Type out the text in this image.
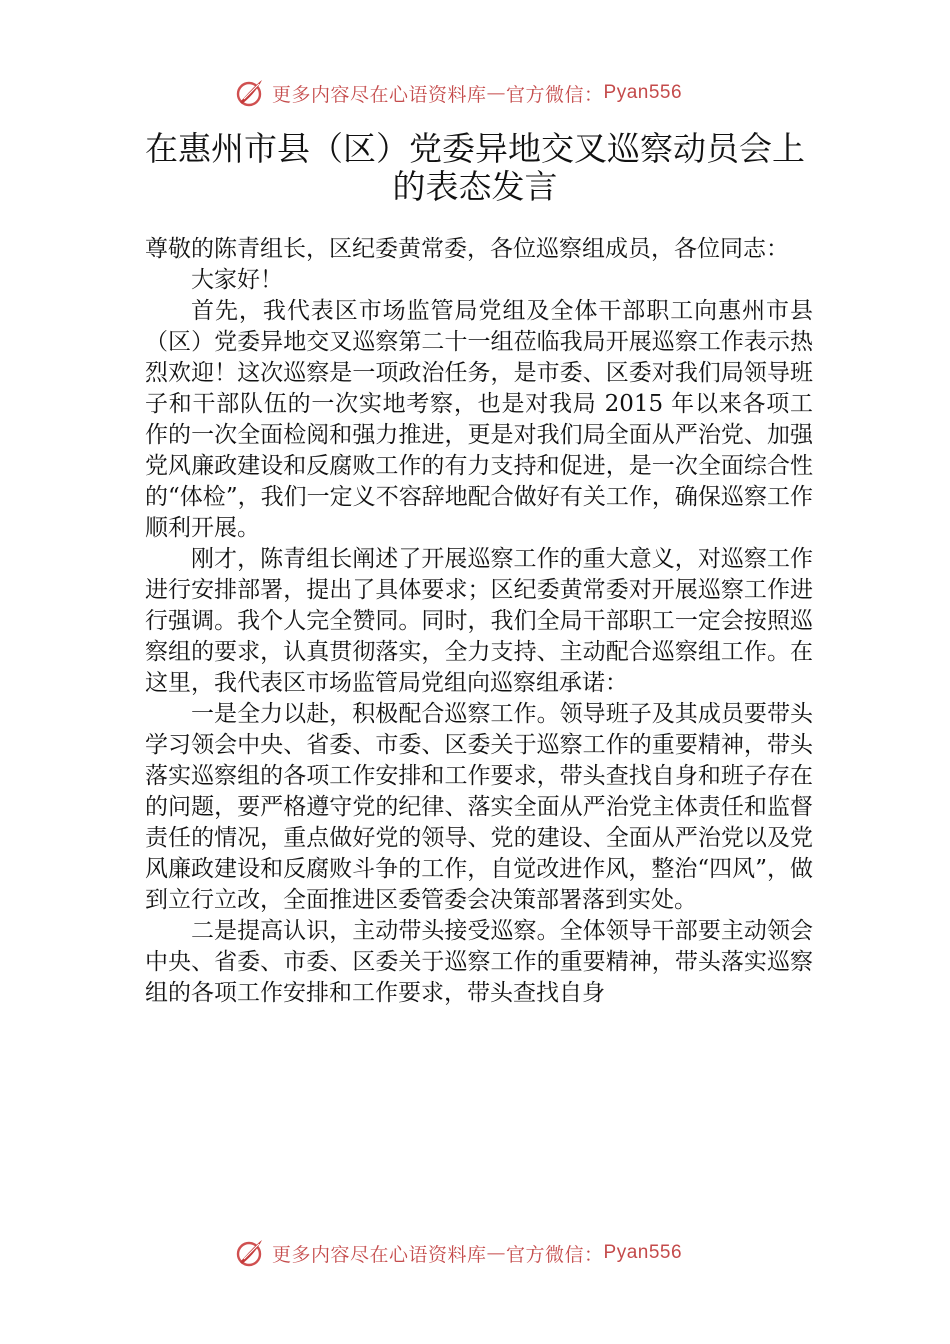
更多内容尽在心语资料库 — 官方微信： Pyan556
在惠州市县（区）党委异地交叉巡察动员会上的表态发言

尊敬的陈青组长，区纪委黄常委，各位巡察组成员，各位同志：

大家好！

首先，我代表区市场监管局党组及全体干部职工向惠州市县（区）党委异地交叉巡察第二十一组莅临我局开展巡察工作表示热烈欢迎！这次巡察是一项政治任务，是市委、区委对我们局领导班子和干部队伍的一次实地考察，也是对我局 2015 年以来各项工作的一次全面检阅和强力推进，更是对我们局全面从严治党、加强党风廉政建设和反腐败工作的有力支持和促进，是一次全面综合性的“体检”，我们一定义不容辞地配合做好有关工作，确保巡察工作顺利开展。

刚才，陈青组长阐述了开展巡察工作的重大意义，对巡察工作进行安排部署，提出了具体要求；区纪委黄常委对开展巡察工作进行强调。我个人完全赞同。同时，我们全局干部职工一定会按照巡察组的要求，认真贯彻落实，全力支持、主动配合巡察组工作。在这里，我代表区市场监管局党组向巡察组承诺：

一是全力以赴，积极配合巡察工作。领导班子及其成员要带头学习领会中央、省委、市委、区委关于巡察工作的重要精神，带头落实巡察组的各项工作安排和工作要求，带头查找自身和班子存在的问题，要严格遵守党的纪律、落实全面从严治党主体责任和监督责任的情况，重点做好党的领导、党的建设、全面从严治党以及党风廉政建设和反腐败斗争的工作，自觉改进作风，整治“四风”，做到立行立改，全面推进区委管委会决策部署落到实处。

二是提高认识，主动带头接受巡察。全体领导干部要主动领会中央、省委、市委、区委关于巡察工作的重要精神，带头落实巡察组的各项工作安排和工作要求，带头查找自身

更多内容尽在心语资料库 — 官方微信： Pyan556
